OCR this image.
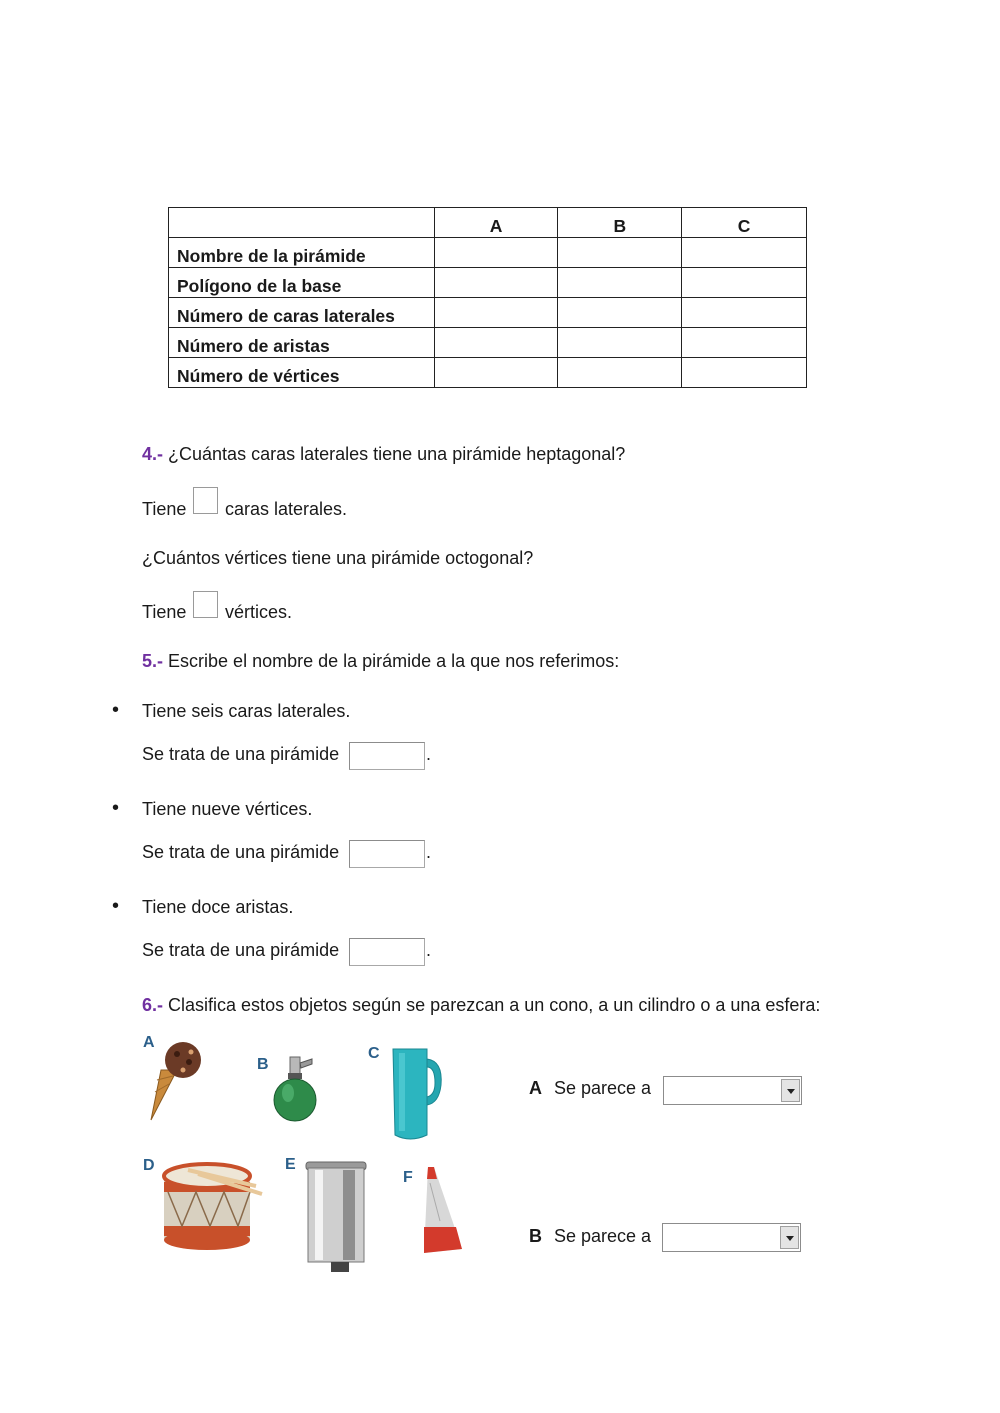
	A	B	C
Nombre de la pirámide			
Polígono de la base			
Número de caras laterales			
Número de aristas			
Número de vértices			
4.- ¿Cuántas caras laterales tiene una pirámide heptagonal?
Tiene caras laterales.
¿Cuántos vértices tiene una pirámide octogonal?
Tiene vértices.
5.- Escribe el nombre de la pirámide a la que nos referimos:
• Tiene seis caras laterales.
Se trata de una pirámide	.
• Tiene nueve vértices.
Se trata de una pirámide	.
• Tiene doce aristas.
Se trata de una pirámide	.
6.- Clasifica estos objetos según se parezcan a un cono, a un cilindro o a una esfera:
A
B
C
D	E
F
A Se parece a
B Se parece a
